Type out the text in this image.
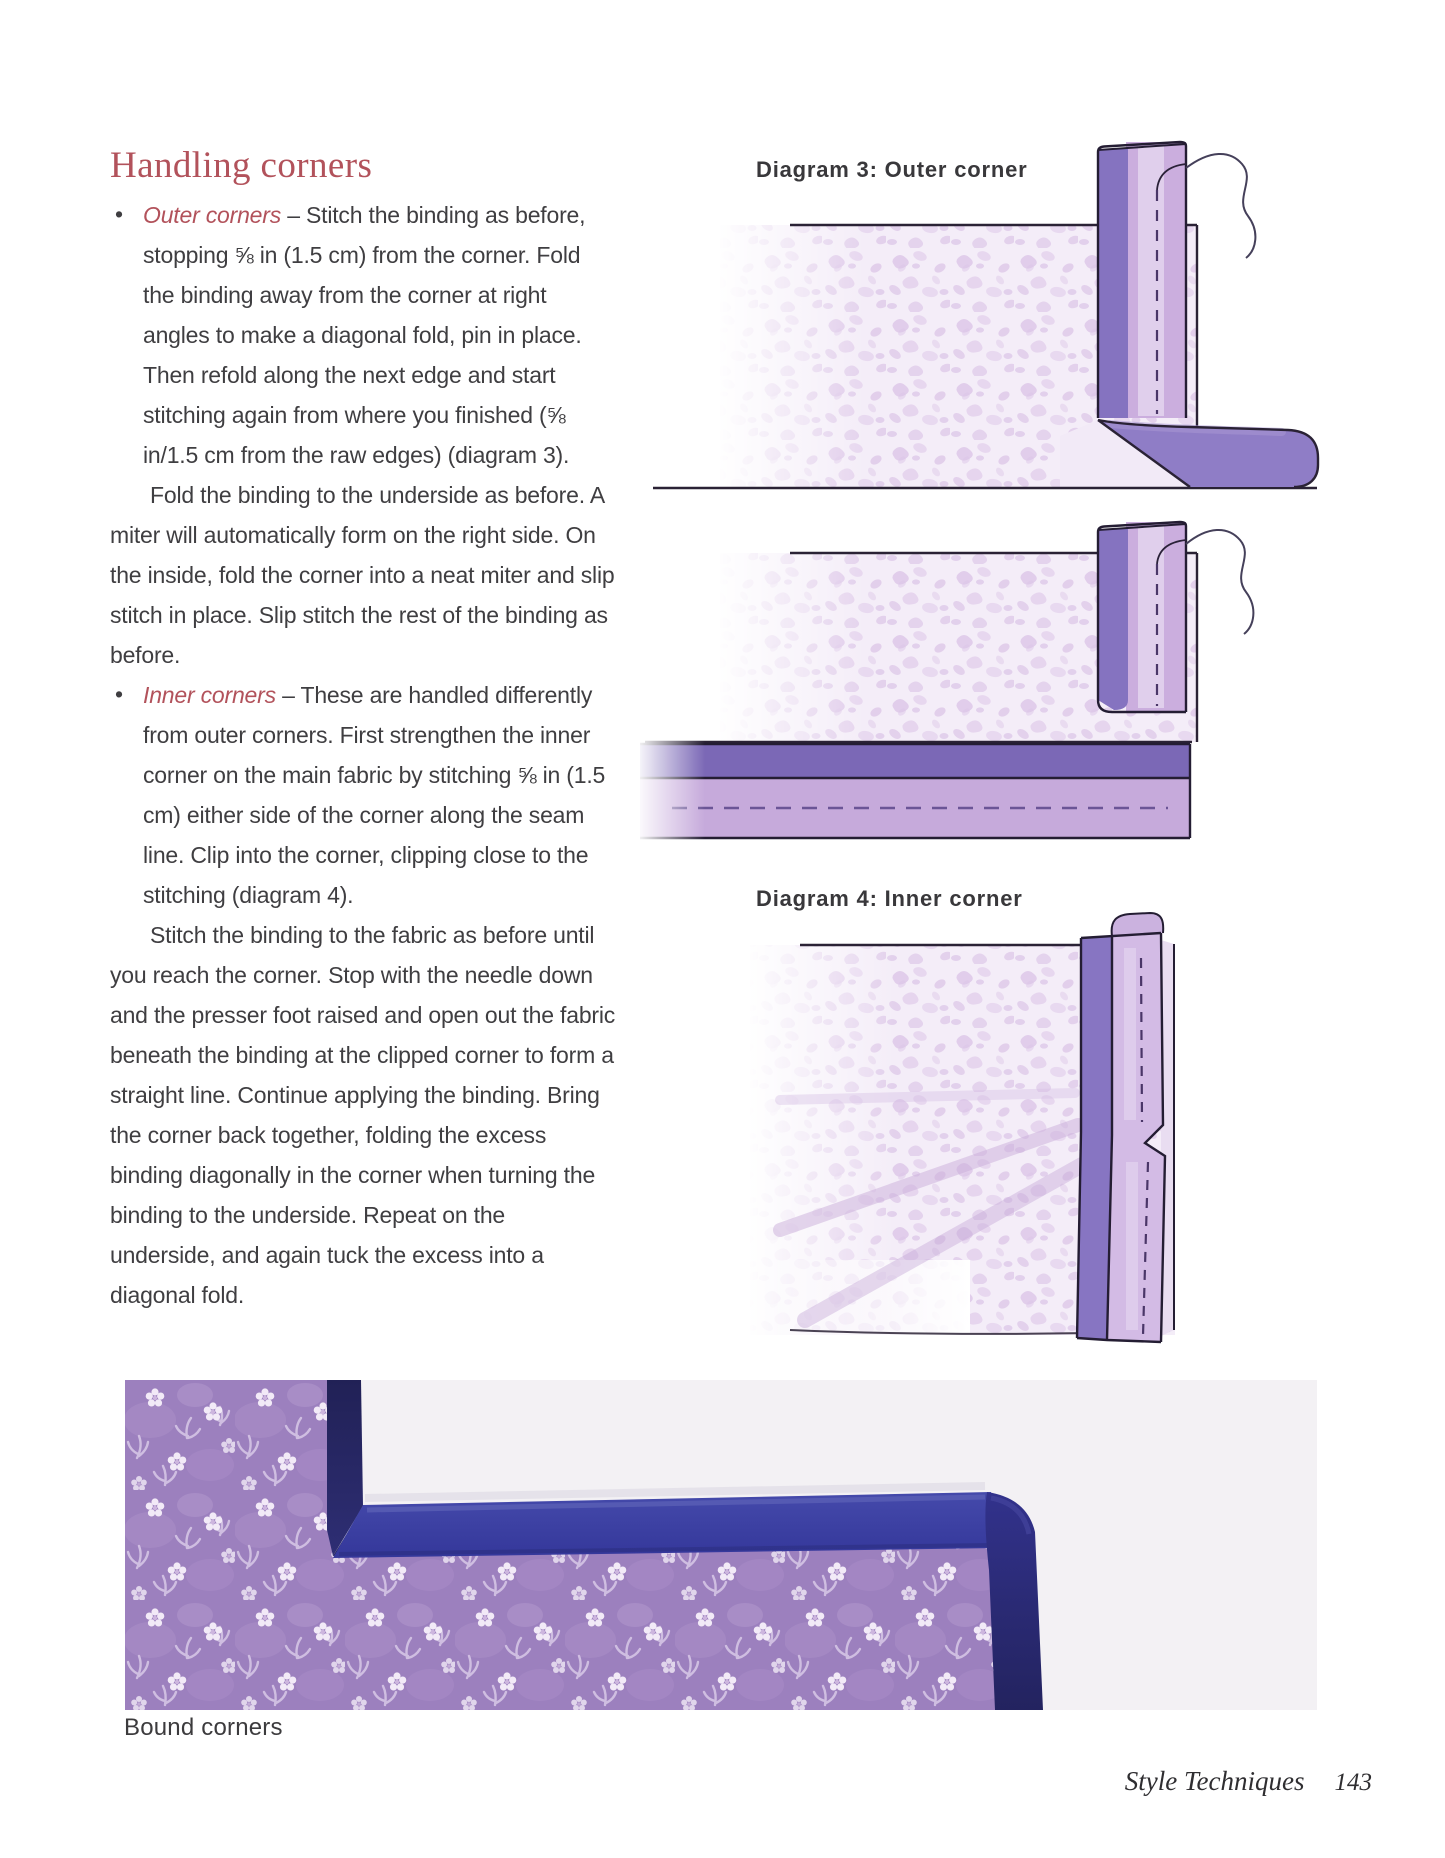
Handling corners
• Outer corners – Stitch the binding as before, stopping ⅝ in (1.5 cm) from the corner. Fold the binding away from the corner at right angles to make a diagonal fold, pin in place. Then refold along the next edge and start stitching again from where you finished (⅝ in/1.5 cm from the raw edges) (diagram 3).
Fold the binding to the underside as before. A miter will automatically form on the right side. On the inside, fold the corner into a neat miter and slip stitch in place. Slip stitch the rest of the binding as before.
• Inner corners – These are handled differently from outer corners. First strengthen the inner corner on the main fabric by stitching ⅝ in (1.5 cm) either side of the corner along the seam line. Clip into the corner, clipping close to the stitching (diagram 4).
Stitch the binding to the fabric as before until you reach the corner. Stop with the needle down and the presser foot raised and open out the fabric beneath the binding at the clipped corner to form a straight line. Continue applying the binding. Bring the corner back together, folding the excess binding diagonally in the corner when turning the binding to the underside. Repeat on the underside, and again tuck the excess into a diagonal fold.
Diagram 3: Outer corner
Diagram 4: Inner corner
Bound corners
Style Techniques 143
